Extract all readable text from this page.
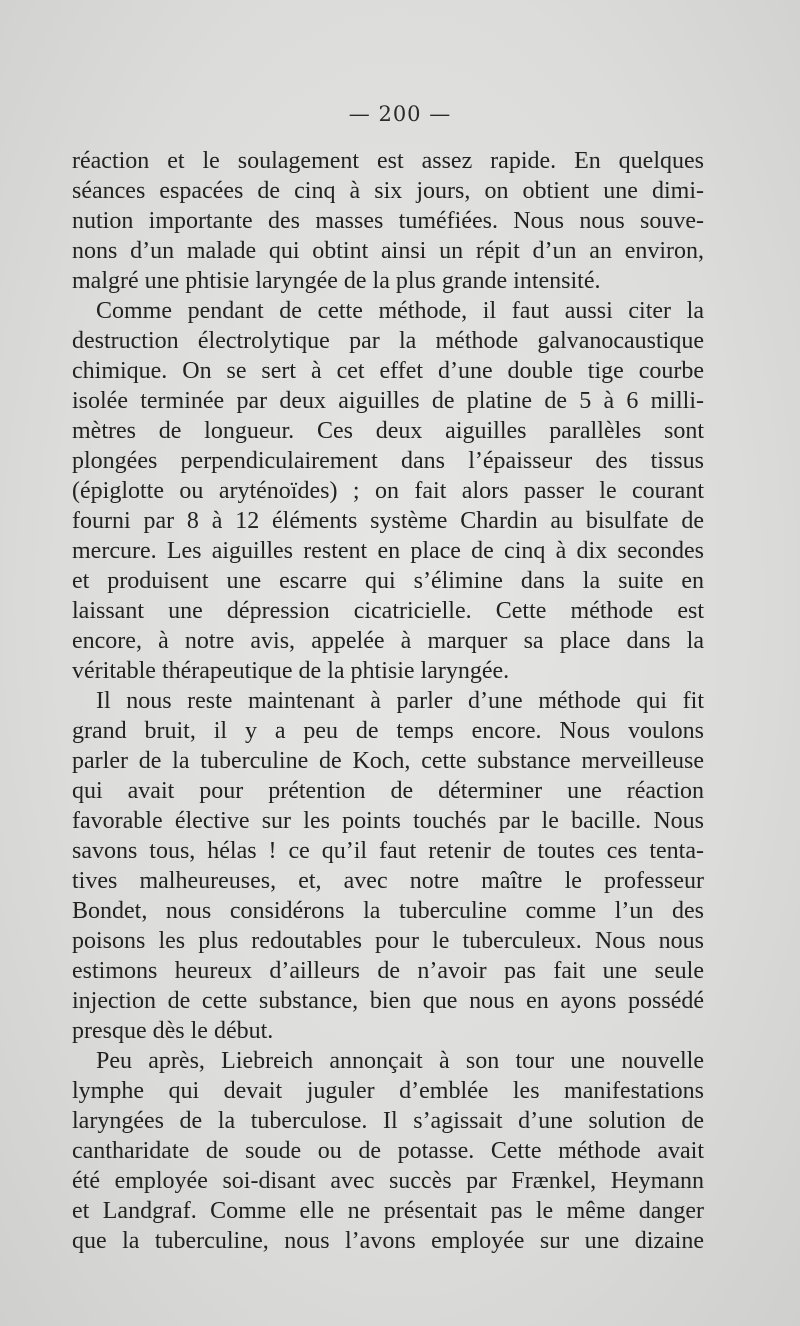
— 200 —
réaction et le soulagement est assez rapide. En quelques
séances espacées de cinq à six jours, on obtient une dimi-
nution importante des masses tuméfiées. Nous nous souve-
nons d’un malade qui obtint ainsi un répit d’un an environ,
malgré une phtisie laryngée de la plus grande intensité.
Comme pendant de cette méthode, il faut aussi citer la
destruction électrolytique par la méthode galvanocaustique
chimique. On se sert à cet effet d’une double tige courbe
isolée terminée par deux aiguilles de platine de 5 à 6 milli-
mètres de longueur. Ces deux aiguilles parallèles sont
plongées perpendiculairement dans l’épaisseur des tissus
(épiglotte ou aryténoïdes) ; on fait alors passer le courant
fourni par 8 à 12 éléments système Chardin au bisulfate de
mercure. Les aiguilles restent en place de cinq à dix secondes
et produisent une escarre qui s’élimine dans la suite en
laissant une dépression cicatricielle. Cette méthode est
encore, à notre avis, appelée à marquer sa place dans la
véritable thérapeutique de la phtisie laryngée.
Il nous reste maintenant à parler d’une méthode qui fit
grand bruit, il y a peu de temps encore. Nous voulons
parler de la tuberculine de Koch, cette substance merveilleuse
qui avait pour prétention de déterminer une réaction
favorable élective sur les points touchés par le bacille. Nous
savons tous, hélas ! ce qu’il faut retenir de toutes ces tenta-
tives malheureuses, et, avec notre maître le professeur
Bondet, nous considérons la tuberculine comme l’un des
poisons les plus redoutables pour le tuberculeux. Nous nous
estimons heureux d’ailleurs de n’avoir pas fait une seule
injection de cette substance, bien que nous en ayons possédé
presque dès le début.
Peu après, Liebreich annonçait à son tour une nouvelle
lymphe qui devait juguler d’emblée les manifestations
laryngées de la tuberculose. Il s’agissait d’une solution de
cantharidate de soude ou de potasse. Cette méthode avait
été employée soi-disant avec succès par Frænkel, Heymann
et Landgraf. Comme elle ne présentait pas le même danger
que la tuberculine, nous l’avons employée sur une dizaine
